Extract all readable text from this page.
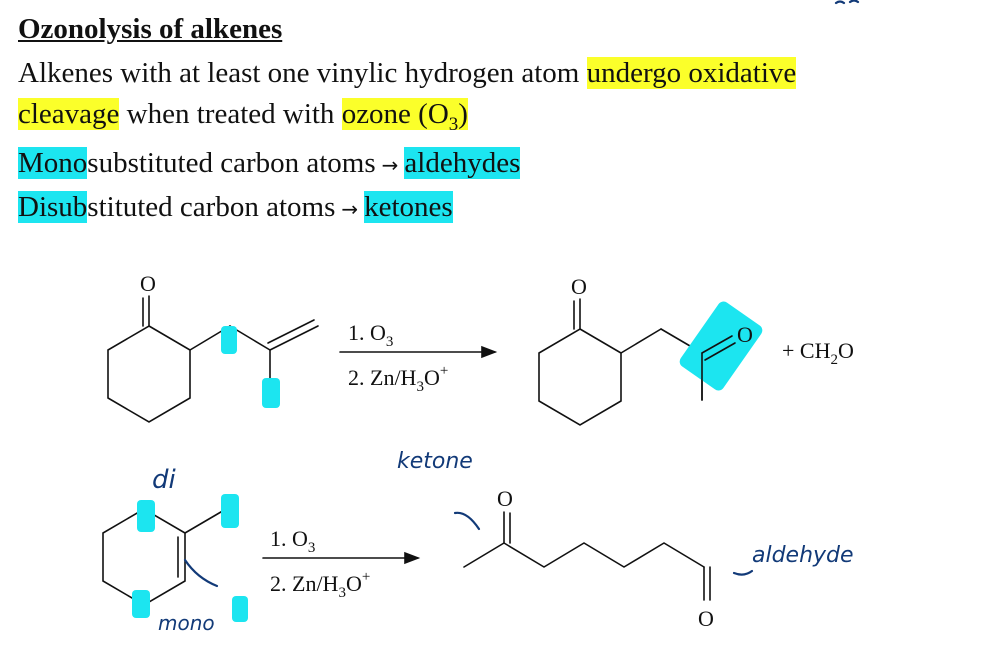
Ozonolysis of alkenes
Alkenes with at least one vinylic hydrogen atom undergo oxidative
cleavage when treated with ozone $(O_3)$
Monosubstituted carbon atoms → aldehydes
Disubstituted carbon atoms → ketones
O
1. $O_3$
2. $Zn/H_3O^+$
O
O
+ $CH_2O$
1. $O_3$
2. $Zn/H_3O^+$
O
O
di
mono
ketone
aldehyde
